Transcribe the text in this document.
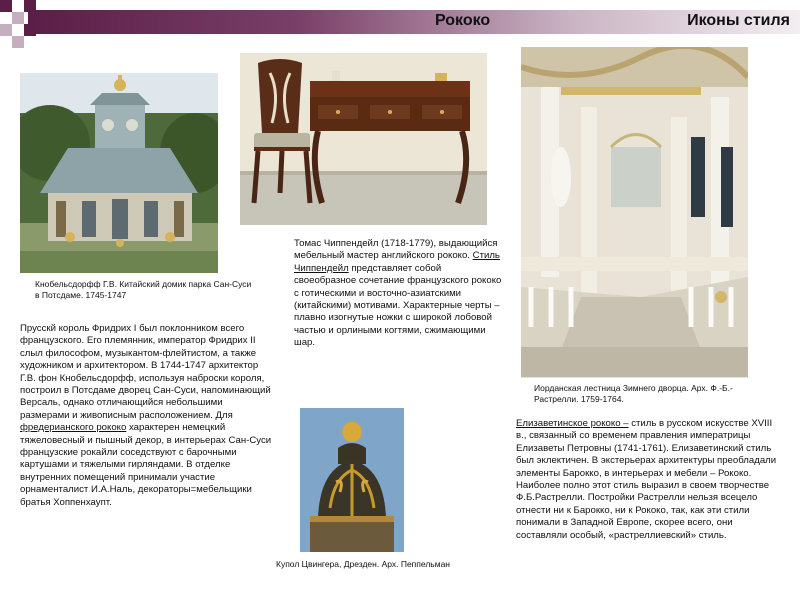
Рококо	Иконы стиля
Кнобельсдорфф Г.В. Китайский домик парка Сан-Суси в Потсдаме. 1745-1747
Иорданская лестница Зимнего дворца. Арх. Ф.-Б.-Растрелли. 1759-1764.
Купол Цвингера, Дрезден. Арх. Пеппельман
Томас Чиппендейл (1718-1779), выдающийся мебельный мастер английского рококо. Стиль Чиппендейл представляет собой своеобразное сочетание французского рококо с готическими и восточно-азиатскими (китайскими) мотивами. Характерные черты – плавно изогнутые ножки с широкой лобовой частью и орлиными когтями, сжимающими шар.
Прусскй король Фридрих I был поклонником всего французского. Его племянник, император Фридрих II слыл философом, музыкантом-флейтистом, а также художником и архитектором. В 1744-1747 архитектор Г.В. фон Кнобельсдорфф, используя наброски короля, построил в Потсдаме дворец Сан-Суси, напоминающий Версаль, однако отличающийся небольшими размерами и живописным расположением. Для фредерианского рококо характерен немецкий тяжеловесный и пышный декор, в интерьерах Сан-Суси французские рокайли соседствуют с барочными картушами и тяжелыми гирляндами. В отделке внутренних помещений принимали участие орнаменталист И.А.Наль, декораторы=мебельщики братья Хоппенхаупт.
Елизаветинское рококо – стиль в русском искусстве XVIII в., связанный со временем правления императрицы Елизаветы Петровны (1741-1761). Елизаветинский стиль был эклектичен. В экстерьерах архитектуры преобладали элементы Барокко, в интерьерах и мебели – Рококо. Наиболее полно этот стиль выразил в своем творчестве Ф.Б.Растрелли. Постройки Растрелли нельзя всецело отнести ни к Барокко, ни к Рококо, так, как эти стили понимали в Западной Европе, скорее всего, они составляли особый, «растреллиевский» стиль.
